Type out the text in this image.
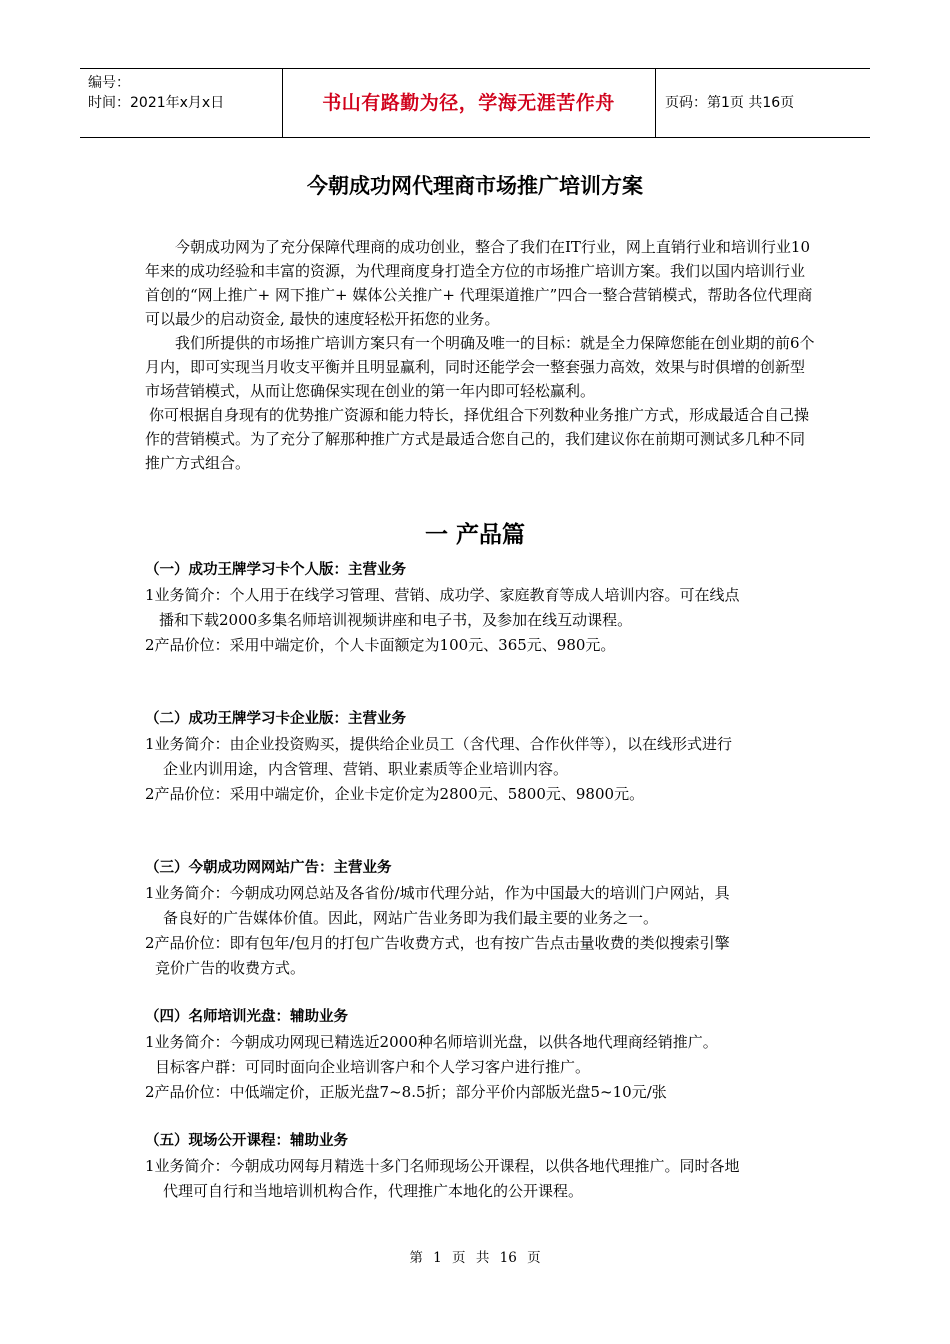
编号：
时间：2021年x月x日	书山有路勤为径，学海无涯苦作舟	页码：第1页 共16页
今朝成功网代理商市场推广培训方案

今朝成功网为了充分保障代理商的成功创业，整合了我们在IT行业，网上直销行业和培训行业10年来的成功经验和丰富的资源，为代理商度身打造全方位的市场推广培训方案。我们以国内培训行业首创的“网上推广+ 网下推广+ 媒体公关推广+ 代理渠道推广”四合一整合营销模式，帮助各位代理商可以最少的启动资金, 最快的速度轻松开拓您的业务。

我们所提供的市场推广培训方案只有一个明确及唯一的目标：就是全力保障您能在创业期的前6个月内，即可实现当月收支平衡并且明显赢利，同时还能学会一整套强力高效，效果与时俱增的创新型市场营销模式，从而让您确保实现在创业的第一年内即可轻松赢利。

你可根据自身现有的优势推广资源和能力特长，择优组合下列数种业务推广方式，形成最适合自己操作的营销模式。为了充分了解那种推广方式是最适合您自己的，我们建议你在前期可测试多几种不同推广方式组合。

一 产品篇
（一）成功王牌学习卡个人版：主营业务
1业务简介：个人用于在线学习管理、营销、成功学、家庭教育等成人培训内容。可在线点
播和下载2000多集名师培训视频讲座和电子书，及参加在线互动课程。
2产品价位：采用中端定价，个人卡面额定为100元、365元、980元。
（二）成功王牌学习卡企业版：主营业务
1业务简介：由企业投资购买，提供给企业员工（含代理、合作伙伴等），以在线形式进行
企业内训用途，内含管理、营销、职业素质等企业培训内容。
2产品价位：采用中端定价，企业卡定价定为2800元、5800元、9800元。
（三）今朝成功网网站广告：主营业务
1业务简介：今朝成功网总站及各省份/城市代理分站，作为中国最大的培训门户网站，具
备良好的广告媒体价值。因此，网站广告业务即为我们最主要的业务之一。
2产品价位：即有包年/包月的打包广告收费方式，也有按广告点击量收费的类似搜索引擎
竞价广告的收费方式。
（四）名师培训光盘：辅助业务
1业务简介：今朝成功网现已精选近2000种名师培训光盘，以供各地代理商经销推广。
目标客户群：可同时面向企业培训客户和个人学习客户进行推广。
2产品价位：中低端定价，正版光盘7~8.5折；部分平价内部版光盘5~10元/张
（五）现场公开课程：辅助业务
1业务简介：今朝成功网每月精选十多门名师现场公开课程，以供各地代理推广。同时各地
代理可自行和当地培训机构合作，代理推广本地化的公开课程。
第 1 页 共 16 页
